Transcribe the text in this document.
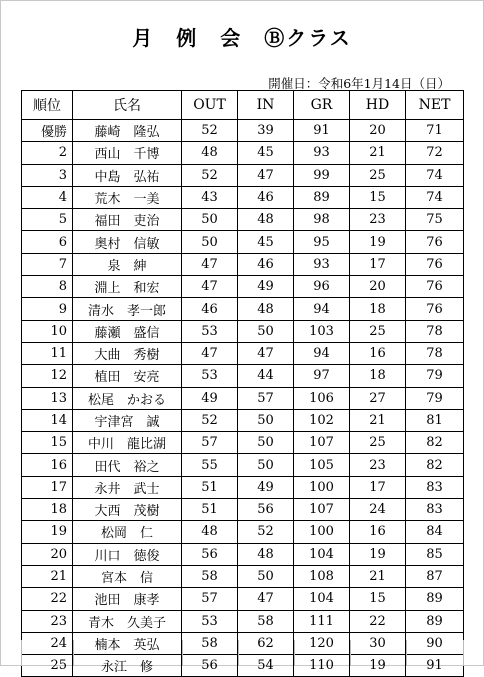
月　例　会　Ⓑクラス
開催日：令和6年1月14日（日）
順位	氏名	OUT	IN	GR	HD	NET
優勝	藤崎　隆弘	52	39	91	20	71
2	西山　千博	48	45	93	21	72
3	中島　弘祐	52	47	99	25	74
4	荒木　一美	43	46	89	15	74
5	福田　吏治	50	48	98	23	75
6	奥村　信敏	50	45	95	19	76
7	泉　紳	47	46	93	17	76
8	淵上　和宏	47	49	96	20	76
9	清水　孝一郎	46	48	94	18	76
10	藤瀬　盛信	53	50	103	25	78
11	大曲　秀樹	47	47	94	16	78
12	植田　安亮	53	44	97	18	79
13	松尾　かおる	49	57	106	27	79
14	宇津宮　誠	52	50	102	21	81
15	中川　龍比湖	57	50	107	25	82
16	田代　裕之	55	50	105	23	82
17	永井　武士	51	49	100	17	83
18	大西　茂樹	51	56	107	24	83
19	松岡　仁	48	52	100	16	84
20	川口　徳俊	56	48	104	19	85
21	宮本　信	58	50	108	21	87
22	池田　康孝	57	47	104	15	89
23	青木　久美子	53	58	111	22	89
24	楠本　英弘	58	62	120	30	90
25	永江　修	56	54	110	19	91
